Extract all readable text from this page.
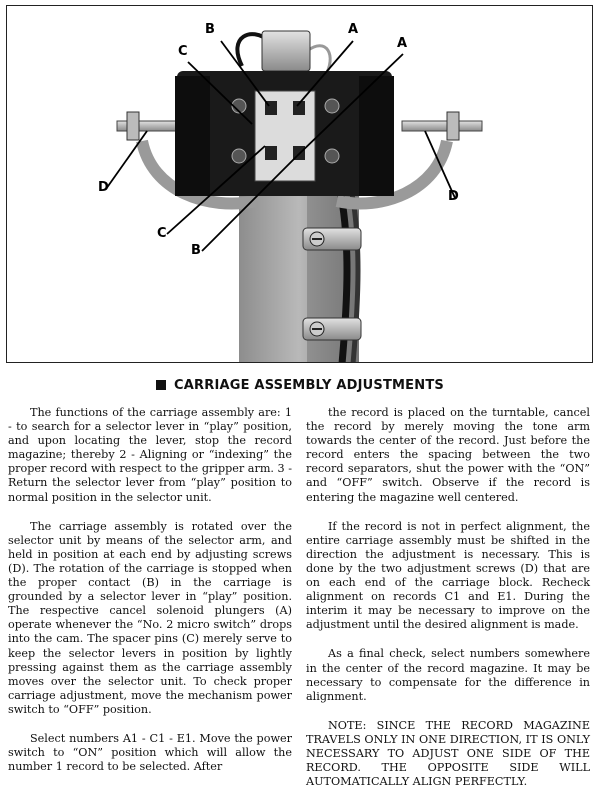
B	A
A
C
D
D
C
B
CARRIAGE ASSEMBLY ADJUSTMENTS

The functions of the carriage assembly are: 1 - to search for a selector lever in “play” position, and upon locating the lever, stop the record magazine; thereby 2 - Aligning or “indexing” the proper record with respect to the gripper arm. 3 - Return the selector lever from “play” position to normal position in the selector unit.

The carriage assembly is rotated over the selector unit by means of the selector arm, and held in position at each end by adjusting screws (D). The rotation of the carriage is stopped when the proper contact (B) in the carriage is grounded by a selector lever in “play” position. The respective cancel solenoid plungers (A) operate whenever the “No. 2 micro switch” drops into the cam. The spacer pins (C) merely serve to keep the selector levers in position by lightly pressing against them as the carriage assembly moves over the selector unit. To check proper carriage adjustment, move the mechanism power switch to “OFF” position.

Select numbers A1 - C1 - E1. Move the power switch to “ON” position which will allow the number 1 record to be selected. After

the record is placed on the turntable, cancel the record by merely moving the tone arm towards the center of the record. Just before the record enters the spacing between the two record separators, shut the power with the “ON” and “OFF” switch. Observe if the record is entering the magazine well centered.

If the record is not in perfect alignment, the entire carriage assembly must be shifted in the direction the adjustment is necessary. This is done by the two adjustment screws (D) that are on each end of the carriage block. Recheck alignment on records C1 and E1. During the interim it may be necessary to improve on the adjustment until the desired alignment is made.

As a final check, select numbers somewhere in the center of the record magazine. It may be necessary to compensate for the difference in alignment.

NOTE: SINCE THE RECORD MAGAZINE TRAVELS ONLY IN ONE DIRECTION, IT IS ONLY NECESSARY TO ADJUST ONE SIDE OF THE RECORD. THE OPPOSITE SIDE WILL AUTOMATICALLY ALIGN PERFECTLY.
